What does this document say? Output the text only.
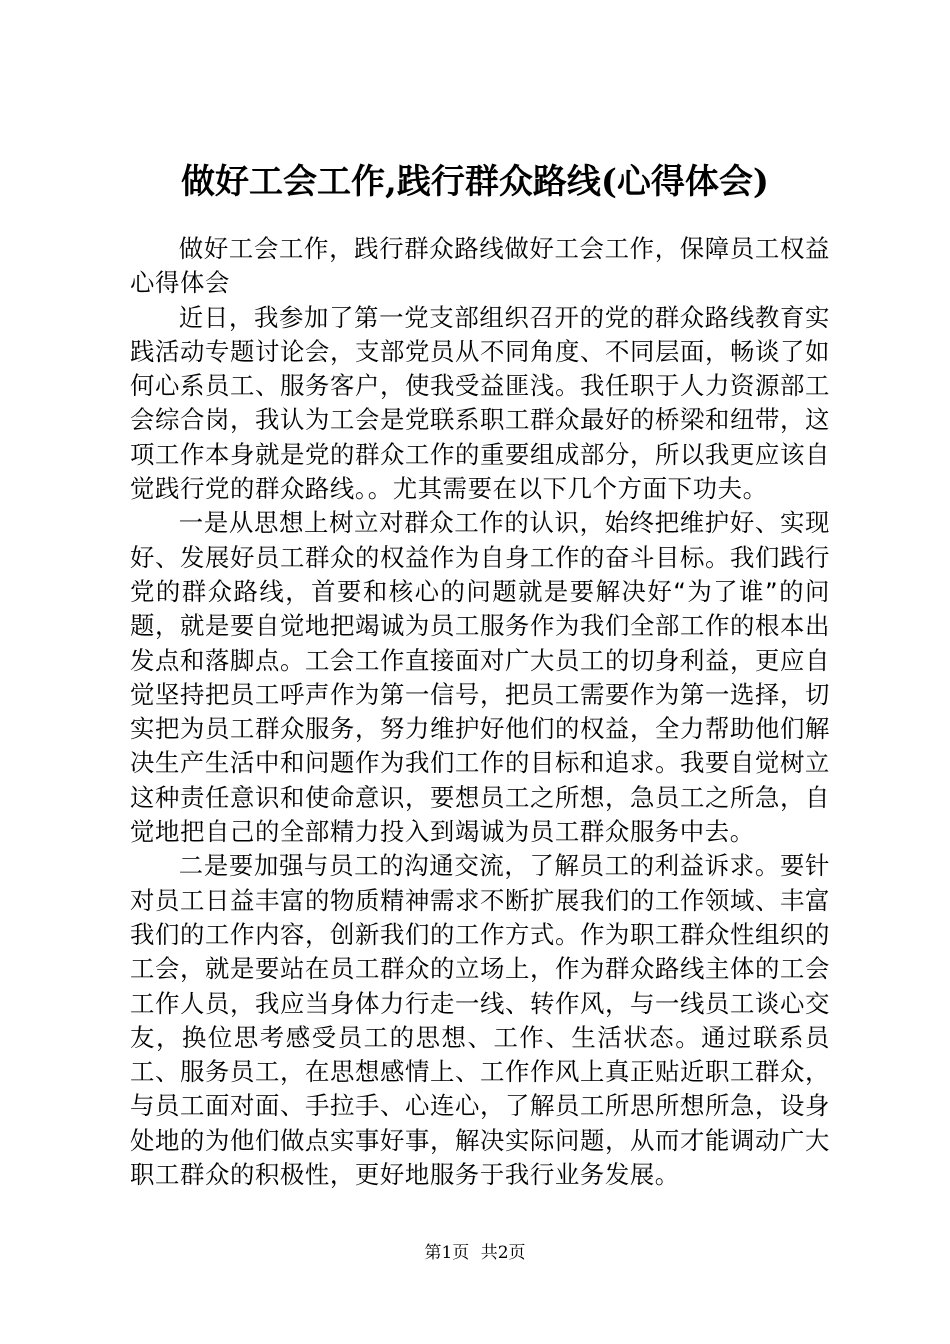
做好工会工作,践行群众路线(心得体会)

做好工会工作，践行群众路线做好工会工作，保障员工权益心得体会

近日，我参加了第一党支部组织召开的党的群众路线教育实践活动专题讨论会，支部党员从不同角度、不同层面，畅谈了如何心系员工、服务客户，使我受益匪浅。我任职于人力资源部工会综合岗，我认为工会是党联系职工群众最好的桥梁和纽带，这项工作本身就是党的群众工作的重要组成部分，所以我更应该自觉践行党的群众路线。。尤其需要在以下几个方面下功夫。

一是从思想上树立对群众工作的认识，始终把维护好、实现好、发展好员工群众的权益作为自身工作的奋斗目标。我们践行党的群众路线，首要和核心的问题就是要解决好“为了谁”的问题，就是要自觉地把竭诚为员工服务作为我们全部工作的根本出发点和落脚点。工会工作直接面对广大员工的切身利益，更应自觉坚持把员工呼声作为第一信号，把员工需要作为第一选择，切实把为员工群众服务，努力维护好他们的权益，全力帮助他们解决生产生活中和问题作为我们工作的目标和追求。我要自觉树立这种责任意识和使命意识，要想员工之所想，急员工之所急，自觉地把自己的全部精力投入到竭诚为员工群众服务中去。

二是要加强与员工的沟通交流，了解员工的利益诉求。要针对员工日益丰富的物质精神需求不断扩展我们的工作领域、丰富我们的工作内容，创新我们的工作方式。作为职工群众性组织的工会，就是要站在员工群众的立场上，作为群众路线主体的工会工作人员，我应当身体力行走一线、转作风，与一线员工谈心交友，换位思考感受员工的思想、工作、生活状态。通过联系员工、服务员工，在思想感情上、工作作风上真正贴近职工群众，与员工面对面、手拉手、心连心，了解员工所思所想所急，设身处地的为他们做点实事好事，解决实际问题，从而才能调动广大职工群众的积极性，更好地服务于我行业务发展。

第1页 共2页
